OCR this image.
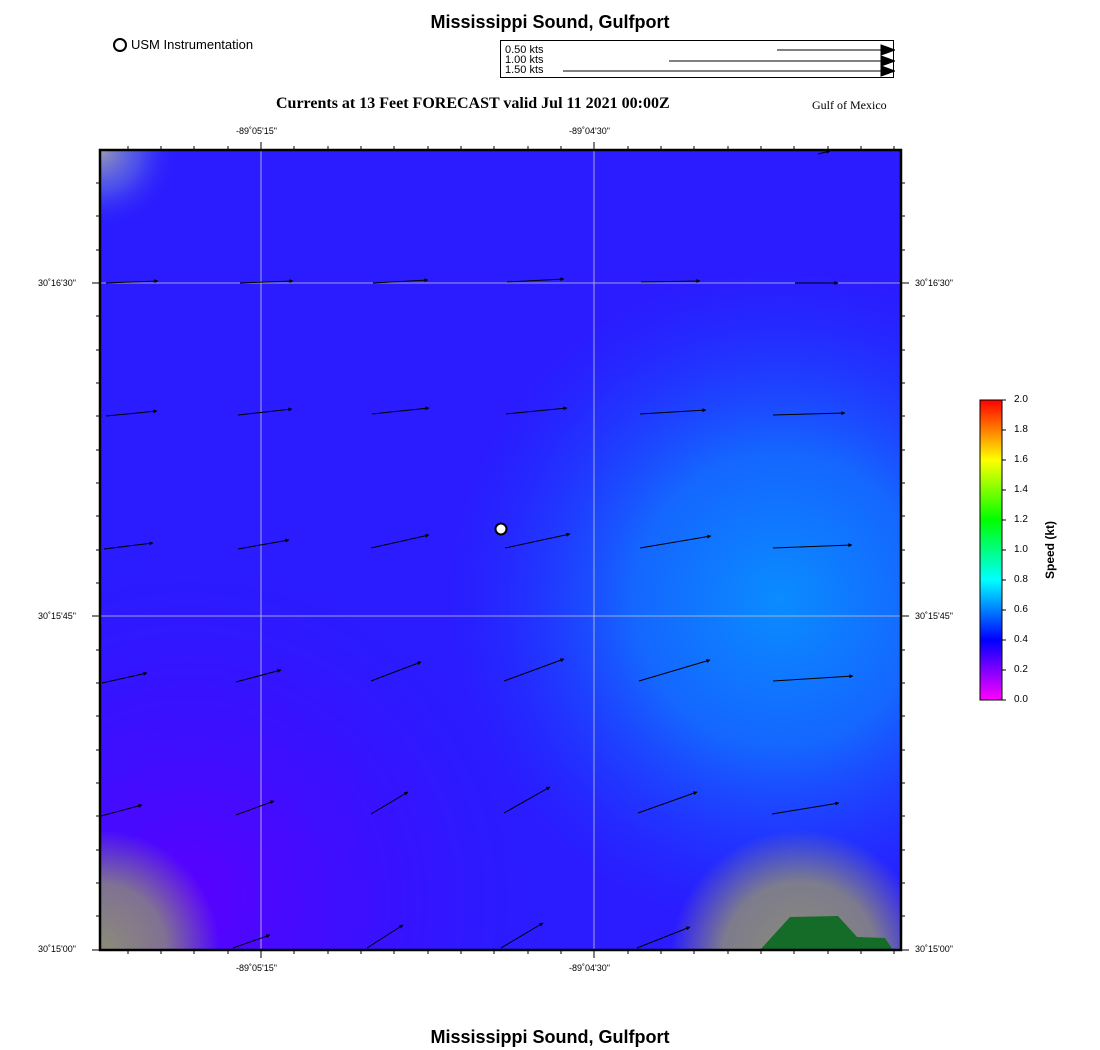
Mississippi Sound, Gulfport
USM Instrumentation	0.50 kts
1.00 kts
1.50 kts
Currents at 13 Feet FORECAST valid Jul 11 2021 00:00Z	Gulf of Mexico
-89˚05'15"	-89˚04'30"
-89˚05'15"	-89˚04'30"
30˚16'30"
30˚15'45"
30˚15'00"
30˚16'30"
30˚15'45"
30˚15'00"
2.0
1.8
1.6
1.4
1.2
1.0
0.8
0.6
0.4
0.2
0.0
Speed (kt)
Mississippi Sound, Gulfport
